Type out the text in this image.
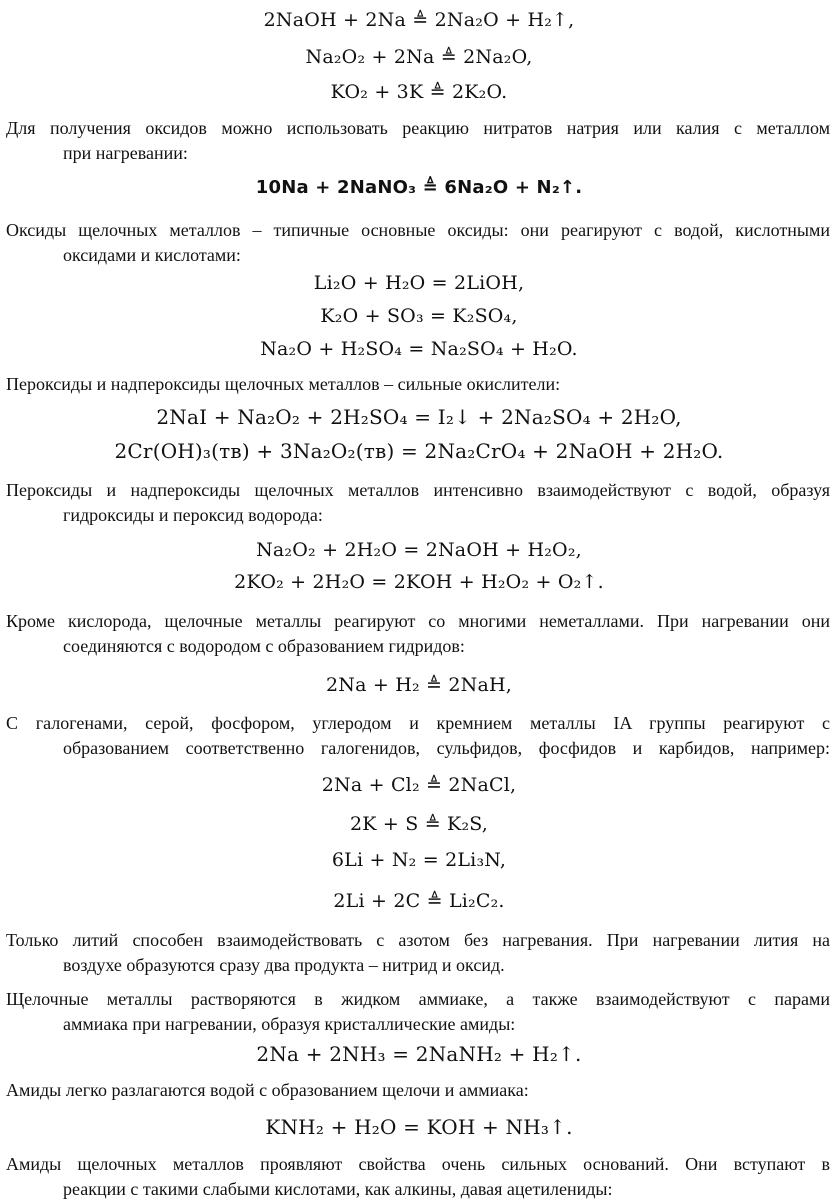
2NaOH + 2Na ≜ 2Na₂O + H₂↑,
Na₂O₂ + 2Na ≜ 2Na₂O,
KO₂ + 3K ≜ 2K₂O.
Для получения оксидов можно использовать реакцию нитратов натрия или калия с металлом
при нагревании:
10Na + 2NaNO₃ ≜ 6Na₂O + N₂↑.
Оксиды щелочных металлов – типичные основные оксиды: они реагируют с водой, кислотными
оксидами и кислотами:
Li₂O + H₂O = 2LiOH,
K₂O + SO₃ = K₂SO₄,
Na₂O + H₂SO₄ = Na₂SO₄ + H₂O.
Пероксиды и надпероксиды щелочных металлов – сильные окислители:
2NaI + Na₂O₂ + 2H₂SO₄ = I₂↓ + 2Na₂SO₄ + 2H₂O,
2Cr(OH)₃(тв) + 3Na₂O₂(тв) = 2Na₂CrO₄ + 2NaOH + 2H₂O.
Пероксиды и надпероксиды щелочных металлов интенсивно взаимодействуют с водой, образуя
гидроксиды и пероксид водорода:
Na₂O₂ + 2H₂O = 2NaOH + H₂O₂,
2KO₂ + 2H₂O = 2KOH + H₂O₂ + O₂↑.
Кроме кислорода, щелочные металлы реагируют со многими неметаллами. При нагревании они
соединяются с водородом с образованием гидридов:
2Na + H₂ ≜ 2NaH,
С галогенами, серой, фосфором, углеродом и кремнием металлы IA группы реагируют с
образованием соответственно галогенидов, сульфидов, фосфидов и карбидов, например:
2Na + Cl₂ ≜ 2NaCl,
2K + S ≜ K₂S,
6Li + N₂ = 2Li₃N,
2Li + 2C ≜ Li₂C₂.
Только литий способен взаимодействовать с азотом без нагревания. При нагревании лития на
воздухе образуются сразу два продукта – нитрид и оксид.
Щелочные металлы растворяются в жидком аммиаке, а также взаимодействуют с парами
аммиака при нагревании, образуя кристаллические амиды:
2Na + 2NH₃ = 2NaNH₂ + H₂↑.
Амиды легко разлагаются водой с образованием щелочи и аммиака:
KNH₂ + H₂O = KOH + NH₃↑.
Амиды щелочных металлов проявляют свойства очень сильных оснований. Они вступают в
реакции с такими слабыми кислотами, как алкины, давая ацетилениды:
